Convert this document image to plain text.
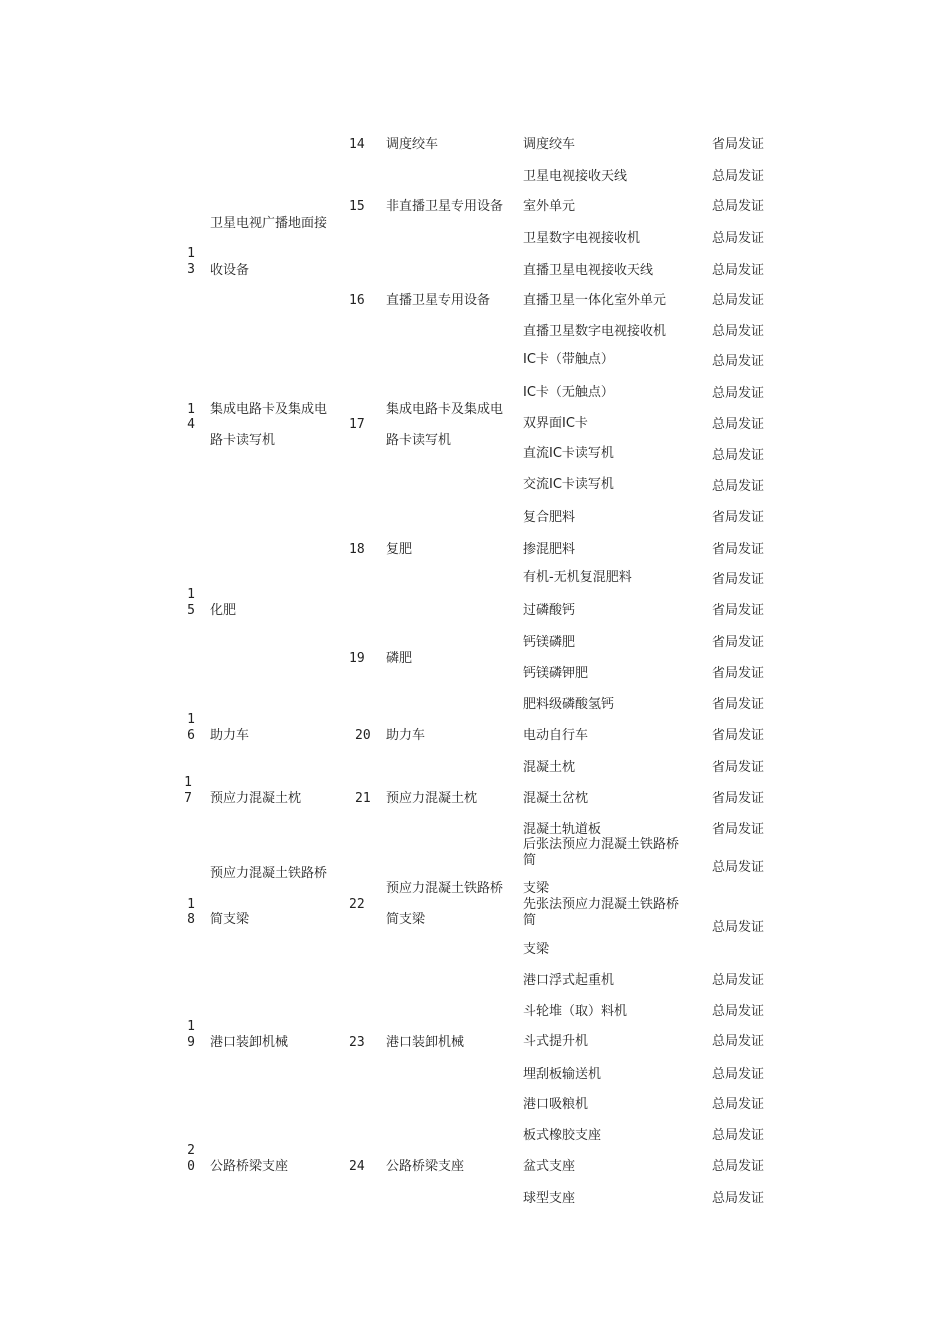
1
3
1
4
1
5
1
6
1
7
1
8
1
9
2
0
卫星电视广播地面接
收设备
集成电路卡及集成电
路卡读写机
化肥
助力车
预应力混凝土枕
预应力混凝土铁路桥
简支梁
港口装卸机械
公路桥梁支座
14
15
16
17
18
19
20
21
22
23
24
调度绞车
非直播卫星专用设备
直播卫星专用设备
集成电路卡及集成电
路卡读写机
复肥
磷肥
助力车
预应力混凝土枕
预应力混凝土铁路桥
简支梁
港口装卸机械
公路桥梁支座
调度绞车
卫星电视接收天线
室外单元
卫星数字电视接收机
直播卫星电视接收天线
直播卫星一体化室外单元
直播卫星数字电视接收机
IC卡（带触点）
IC卡（无触点）
双界面IC卡
直流IC卡读写机
交流IC卡读写机
复合肥料
掺混肥料
有机-无机复混肥料
过磷酸钙
钙镁磷肥
钙镁磷钾肥
肥料级磷酸氢钙
电动自行车
混凝土枕
混凝土岔枕
混凝土轨道板
后张法预应力混凝土铁路桥
简
支梁
先张法预应力混凝土铁路桥
简
支梁
港口浮式起重机
斗轮堆（取）料机
斗式提升机
埋刮板输送机
港口吸粮机
板式橡胶支座
盆式支座
球型支座
省局发证
总局发证
总局发证
总局发证
总局发证
总局发证
总局发证
总局发证
总局发证
总局发证
总局发证
总局发证
省局发证
省局发证
省局发证
省局发证
省局发证
省局发证
省局发证
省局发证
省局发证
省局发证
省局发证
总局发证
总局发证
总局发证
总局发证
总局发证
总局发证
总局发证
总局发证
总局发证
总局发证
